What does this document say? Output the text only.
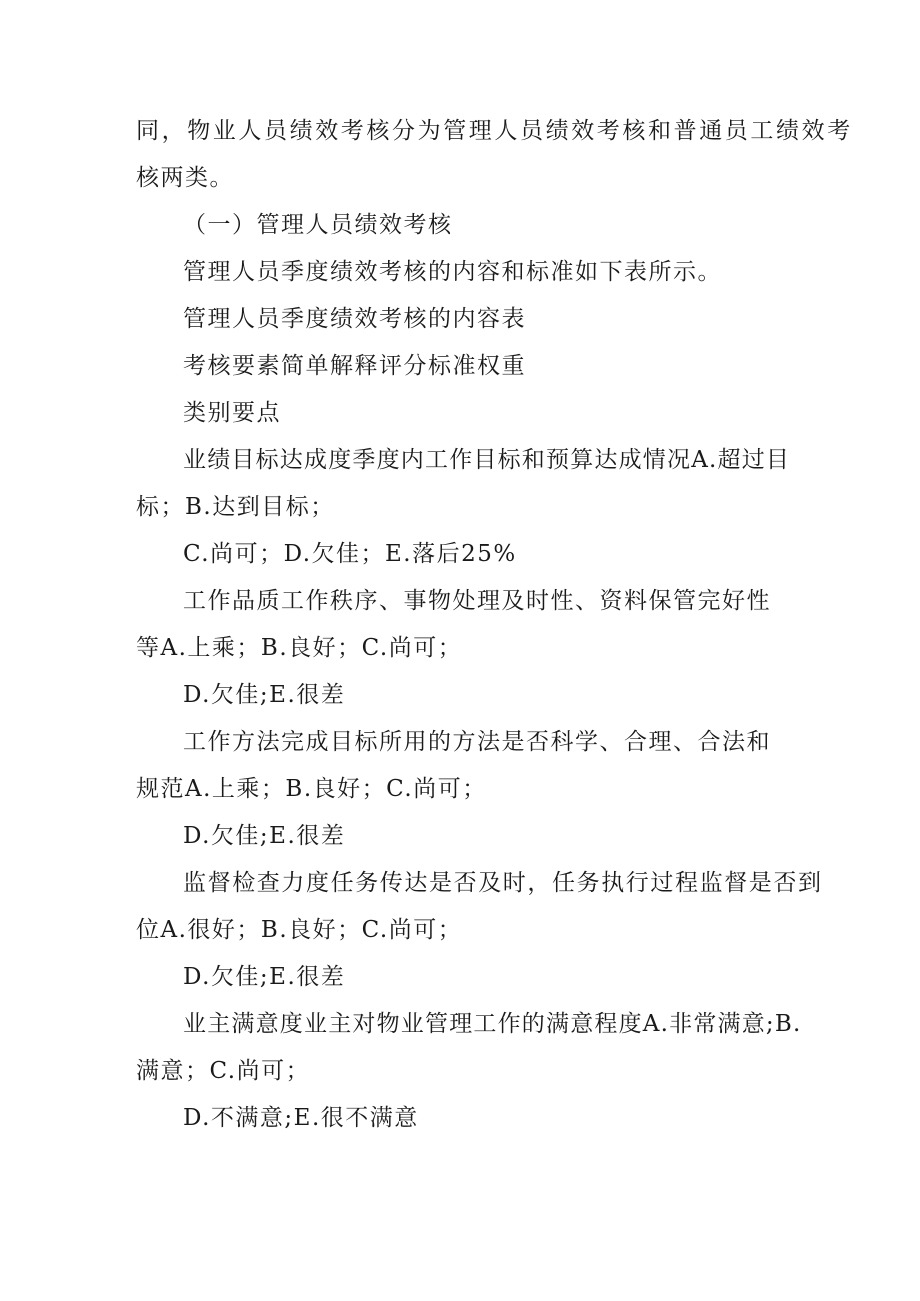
同，物业人员绩效考核分为管理人员绩效考核和普通员工绩效考
核两类。
（一）管理人员绩效考核
管理人员季度绩效考核的内容和标准如下表所示。
管理人员季度绩效考核的内容表
考核要素简单解释评分标准权重
类别要点
业绩目标达成度季度内工作目标和预算达成情况A.超过目
标；B.达到目标；
C.尚可；D.欠佳；E.落后25%
工作品质工作秩序、事物处理及时性、资料保管完好性
等A.上乘；B.良好；C.尚可；
D.欠佳;E.很差
工作方法完成目标所用的方法是否科学、合理、合法和
规范A.上乘；B.良好；C.尚可；
D.欠佳;E.很差
监督检查力度任务传达是否及时，任务执行过程监督是否到
位A.很好；B.良好；C.尚可；
D.欠佳;E.很差
业主满意度业主对物业管理工作的满意程度A.非常满意;B.
满意；C.尚可；
D.不满意;E.很不满意
